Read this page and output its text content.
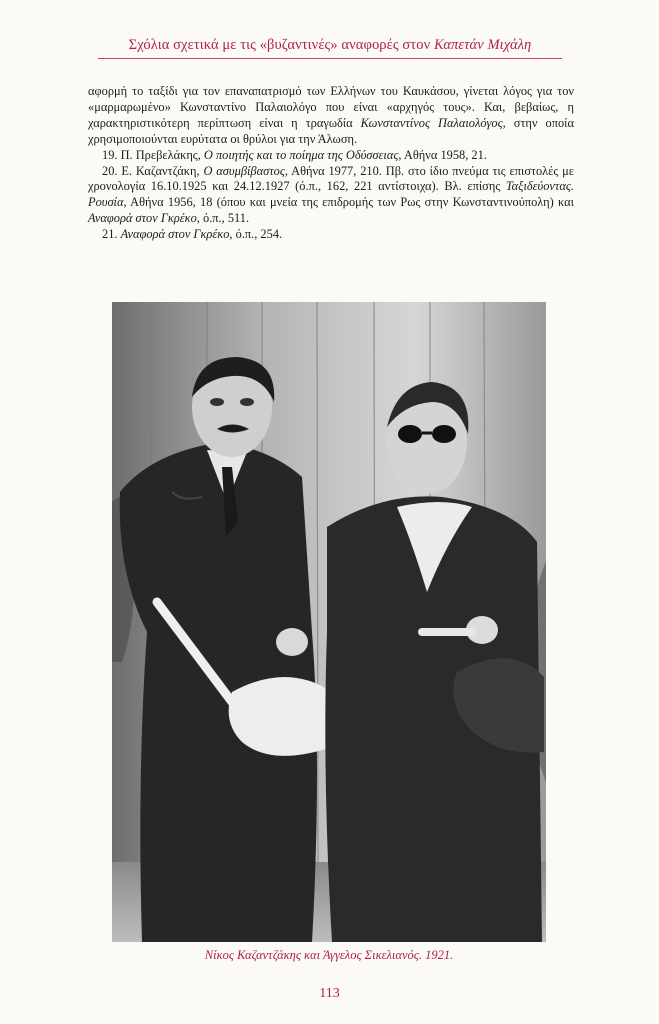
Σχόλια σχετικά με τις «βυζαντινές» αναφορές στον Καπετάν Μιχάλη

αφορμή το ταξίδι για τον επαναπατρισμό των Ελλήνων του Καυκάσου, γίνεται λόγος για τον «μαρμαρωμένο» Κωνσταντίνο Παλαιολόγο που είναι «αρχηγός τους». Και, βεβαίως, η χαρακτηριστικότερη περίπτωση είναι η τραγωδία Κωνσταντίνος Παλαιολόγος, στην οποία χρησιμοποιούνται ευρύτατα οι θρύλοι για την Άλωση.

19. Π. Πρεβελάκης, Ο ποιητής και το ποίημα της Οδύσσειας, Αθήνα 1958, 21.

20. Ε. Καζαντζάκη, Ο ασυμβίβαστος, Αθήνα 1977, 210. Πβ. στο ίδιο πνεύμα τις επιστολές με χρονολογία 16.10.1925 και 24.12.1927 (ό.π., 162, 221 αντίστοιχα). Βλ. επίσης Ταξιδεύοντας. Ρουσία, Αθήνα 1956, 18 (όπου και μνεία της επιδρομής των Ρως στην Κωνσταντινούπολη) και Αναφορά στον Γκρέκο, ό.π., 511.

21. Αναφορά στον Γκρέκο, ό.π., 254.

Νίκος Καζαντζάκης και Άγγελος Σικελιανός. 1921.
113
